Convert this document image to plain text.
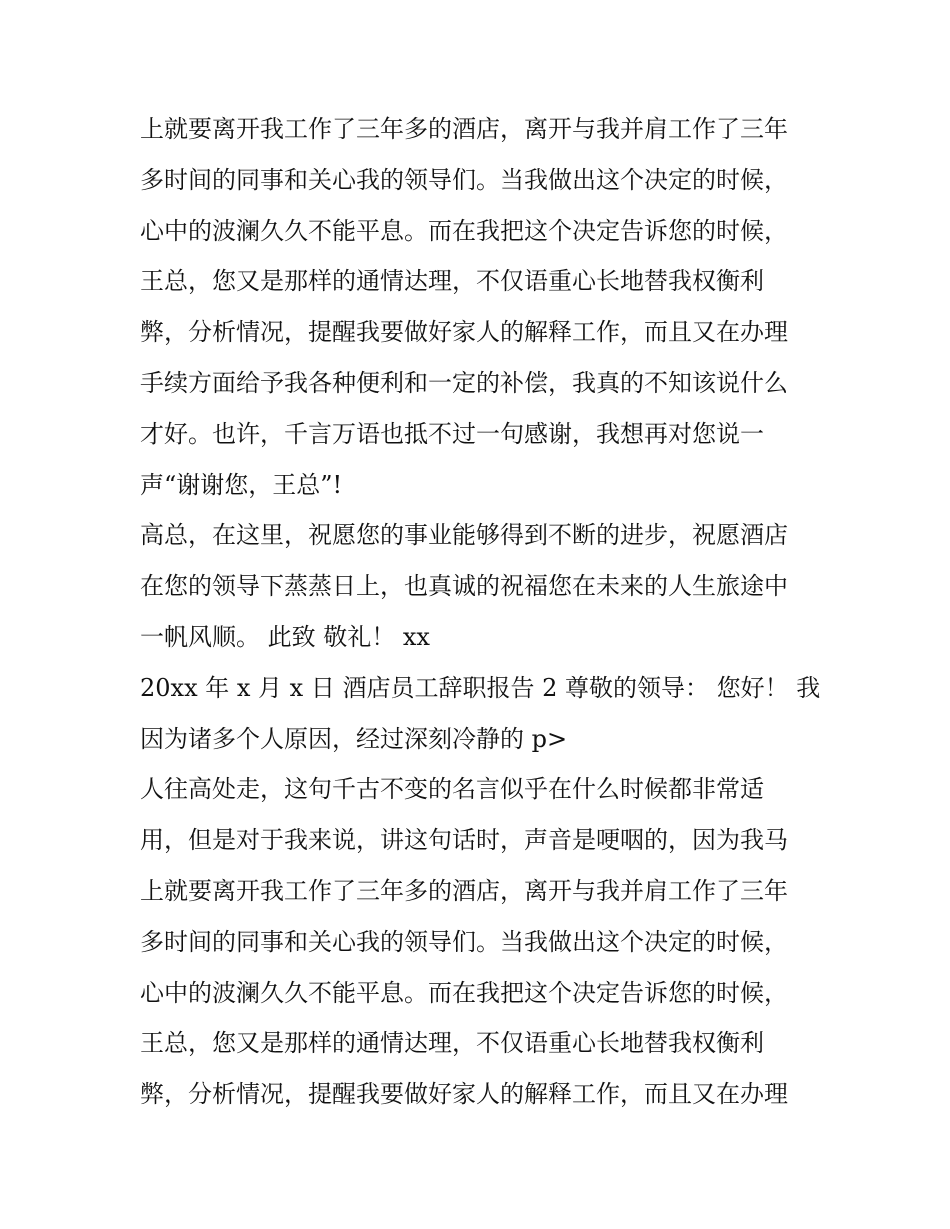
上就要离开我工作了三年多的酒店，离开与我并肩工作了三年
多时间的同事和关心我的领导们。当我做出这个决定的时候，
心中的波澜久久不能平息。而在我把这个决定告诉您的时候，
王总，您又是那样的通情达理，不仅语重心长地替我权衡利
弊，分析情况，提醒我要做好家人的解释工作，而且又在办理
手续方面给予我各种便利和一定的补偿，我真的不知该说什么
才好。也许，千言万语也抵不过一句感谢，我想再对您说一
声“谢谢您，王总”!
高总，在这里，祝愿您的事业能够得到不断的进步，祝愿酒店
在您的领导下蒸蒸日上，也真诚的祝福您在未来的人生旅途中
一帆风顺。 此致 敬礼！ xx
20xx 年 x 月 x 日 酒店员工辞职报告 2 尊敬的领导： 您好！ 我
因为诸多个人原因，经过深刻冷静的 p>
人往高处走，这句千古不变的名言似乎在什么时候都非常适
用，但是对于我来说，讲这句话时，声音是哽咽的，因为我马
上就要离开我工作了三年多的酒店，离开与我并肩工作了三年
多时间的同事和关心我的领导们。当我做出这个决定的时候，
心中的波澜久久不能平息。而在我把这个决定告诉您的时候，
王总，您又是那样的通情达理，不仅语重心长地替我权衡利
弊，分析情况，提醒我要做好家人的解释工作，而且又在办理
